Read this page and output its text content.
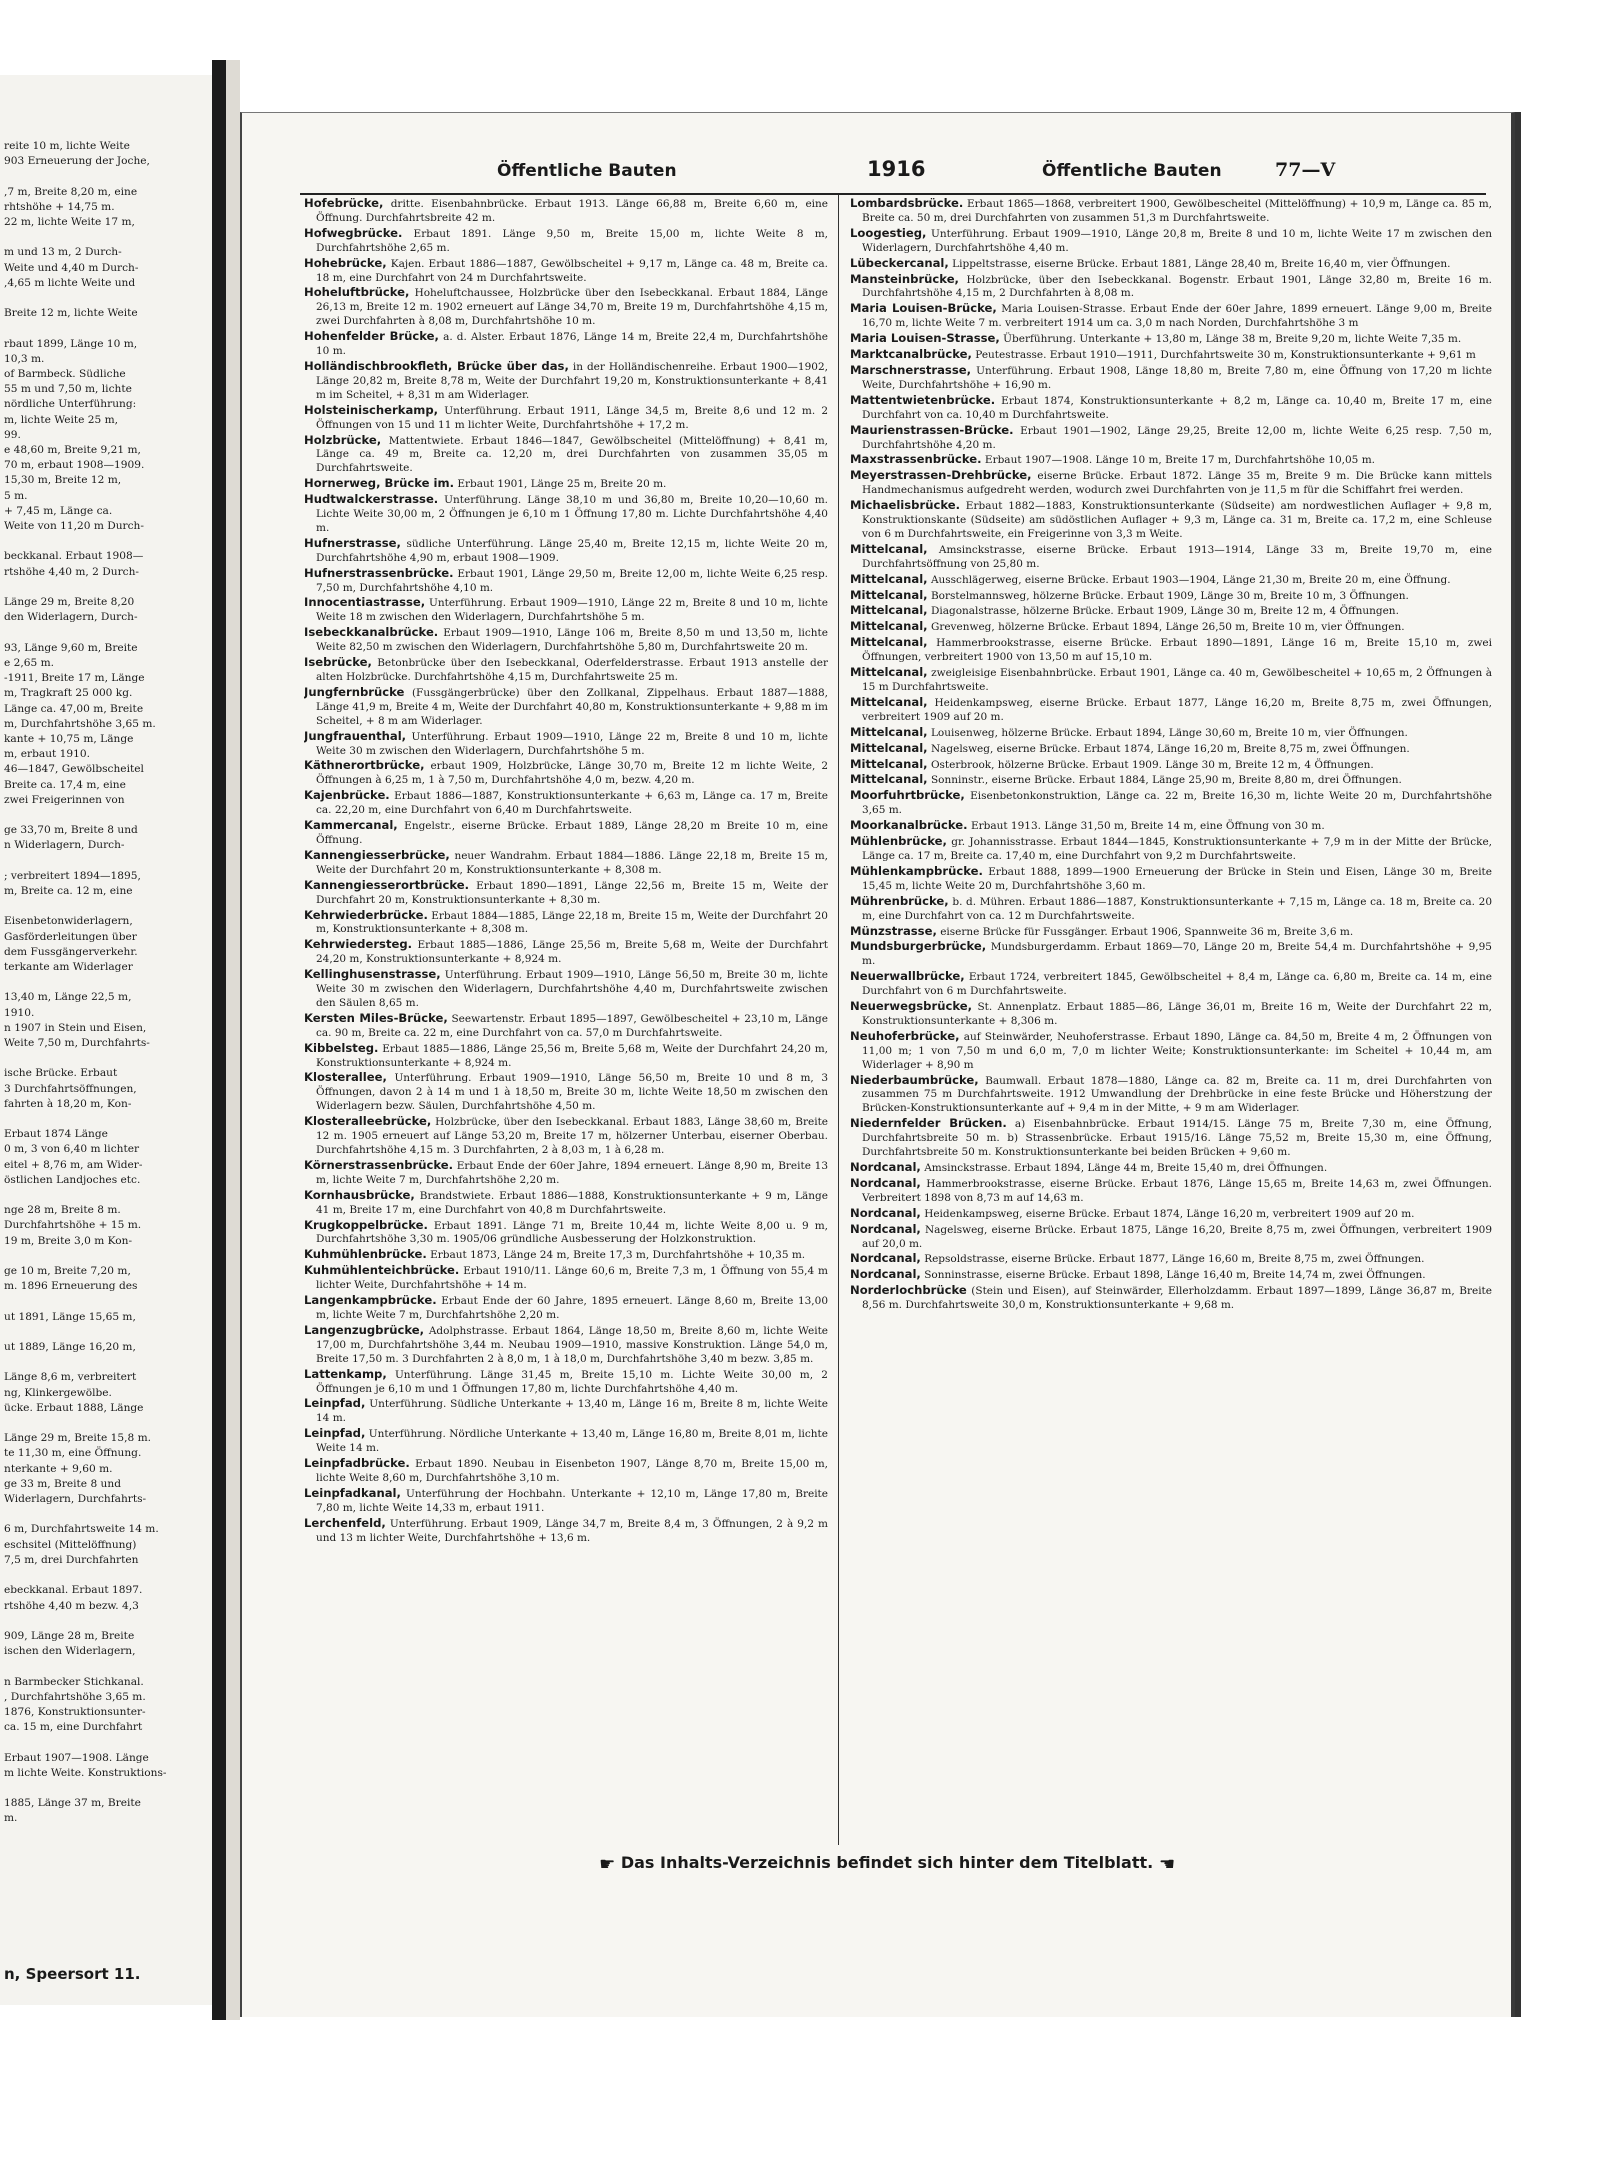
reite 10 m, lichte Weite
903 Erneuerung der Joche,

,7 m, Breite 8,20 m, eine
rhtshöhe + 14,75 m.
22 m, lichte Weite 17 m,

m und 13 m, 2 Durch-
Weite und 4,40 m Durch-
,4,65 m lichte Weite und

Breite 12 m, lichte Weite

rbaut 1899, Länge 10 m,
10,3 m.
of Barmbeck. Südliche
55 m und 7,50 m, lichte
nördliche Unterführung:
m, lichte Weite 25 m,
99.
e 48,60 m, Breite 9,21 m,
70 m, erbaut 1908—1909.
15,30 m, Breite 12 m,
5 m.
+ 7,45 m, Länge ca.
Weite von 11,20 m Durch-

beckkanal. Erbaut 1908—
rtshöhe 4,40 m, 2 Durch-

Länge 29 m, Breite 8,20
den Widerlagern, Durch-

93, Länge 9,60 m, Breite
e 2,65 m.
-1911, Breite 17 m, Länge
m, Tragkraft 25 000 kg.
Länge ca. 47,00 m, Breite
m, Durchfahrtshöhe 3,65 m.
kante + 10,75 m, Länge
m, erbaut 1910.
46—1847, Gewölbscheitel
Breite ca. 17,4 m, eine
zwei Freigerinnen von

ge 33,70 m, Breite 8 und
n Widerlagern, Durch-

; verbreitert 1894—1895,
m, Breite ca. 12 m, eine

Eisenbetonwiderlagern,
Gasförderleitungen über
dem Fussgängerverkehr.
terkante am Widerlager

13,40 m, Länge 22,5 m,
1910.
n 1907 in Stein und Eisen,
Weite 7,50 m, Durchfahrts-

ische Brücke. Erbaut
3 Durchfahrtsöffnungen,
fahrten à 18,20 m, Kon-

Erbaut 1874 Länge
0 m, 3 von 6,40 m lichter
eitel + 8,76 m, am Wider-
östlichen Landjoches etc.

nge 28 m, Breite 8 m.
Durchfahrtshöhe + 15 m.
19 m, Breite 3,0 m Kon-

ge 10 m, Breite 7,20 m,
m. 1896 Erneuerung des

ut 1891, Länge 15,65 m,

ut 1889, Länge 16,20 m,

Länge 8,6 m, verbreitert
ng, Klinkergewölbe.
ücke. Erbaut 1888, Länge

Länge 29 m, Breite 15,8 m.
te 11,30 m, eine Öffnung.
nterkante + 9,60 m.
ge 33 m, Breite 8 und
Widerlagern, Durchfahrts-

6 m, Durchfahrtsweite 14 m.
eschsitel (Mittelöffnung)
7,5 m, drei Durchfahrten

ebeckkanal. Erbaut 1897.
rtshöhe 4,40 m bezw. 4,3

909, Länge 28 m, Breite
ischen den Widerlagern,

n Barmbecker Stichkanal.
, Durchfahrtshöhe 3,65 m.
1876, Konstruktionsunter-
ca. 15 m, eine Durchfahrt

Erbaut 1907—1908. Länge
m lichte Weite. Konstruktions-

1885, Länge 37 m, Breite
m.
n, Speersort 11.
Öffentliche Bauten	1916	Öffentliche Bauten	77—V
Hofebrücke, dritte. Eisenbahnbrücke. Erbaut 1913. Länge 66,88 m, Breite 6,60 m, eine Öffnung. Durchfahrtsbreite 42 m.
Hofwegbrücke. Erbaut 1891. Länge 9,50 m, Breite 15,00 m, lichte Weite 8 m, Durchfahrtshöhe 2,65 m.
Hohebrücke, Kajen. Erbaut 1886—1887, Gewölbscheitel + 9,17 m, Länge ca. 48 m, Breite ca. 18 m, eine Durchfahrt von 24 m Durchfahrtsweite.
Hoheluftbrücke, Hoheluftchaussee, Holzbrücke über den Isebeckkanal. Erbaut 1884, Länge 26,13 m, Breite 12 m. 1902 erneuert auf Länge 34,70 m, Breite 19 m, Durchfahrtshöhe 4,15 m, zwei Durchfahrten à 8,08 m, Durchfahrtshöhe 10 m.
Hohenfelder Brücke, a. d. Alster. Erbaut 1876, Länge 14 m, Breite 22,4 m, Durchfahrtshöhe 10 m.
Holländischbrookfleth, Brücke über das, in der Holländischenreihe. Erbaut 1900—1902, Länge 20,82 m, Breite 8,78 m, Weite der Durchfahrt 19,20 m, Konstruktionsunterkante + 8,41 m im Scheitel, + 8,31 m am Widerlager.
Holsteinischerkamp, Unterführung. Erbaut 1911, Länge 34,5 m, Breite 8,6 und 12 m. 2 Öffnungen von 15 und 11 m lichter Weite, Durchfahrtshöhe + 17,2 m.
Holzbrücke, Mattentwiete. Erbaut 1846—1847, Gewölbscheitel (Mittelöffnung) + 8,41 m, Länge ca. 49 m, Breite ca. 12,20 m, drei Durchfahrten von zusammen 35,05 m Durchfahrtsweite.
Hornerweg, Brücke im. Erbaut 1901, Länge 25 m, Breite 20 m.
Hudtwalckerstrasse. Unterführung. Länge 38,10 m und 36,80 m, Breite 10,20—10,60 m. Lichte Weite 30,00 m, 2 Öffnungen je 6,10 m 1 Öffnung 17,80 m. Lichte Durchfahrtshöhe 4,40 m.
Hufnerstrasse, südliche Unterführung. Länge 25,40 m, Breite 12,15 m, lichte Weite 20 m, Durchfahrtshöhe 4,90 m, erbaut 1908—1909.
Hufnerstrassenbrücke. Erbaut 1901, Länge 29,50 m, Breite 12,00 m, lichte Weite 6,25 resp. 7,50 m, Durchfahrtshöhe 4,10 m.
Innocentiastrasse, Unterführung. Erbaut 1909—1910, Länge 22 m, Breite 8 und 10 m, lichte Weite 18 m zwischen den Widerlagern, Durchfahrtshöhe 5 m.
Isebeckkanalbrücke. Erbaut 1909—1910, Länge 106 m, Breite 8,50 m und 13,50 m, lichte Weite 82,50 m zwischen den Widerlagern, Durchfahrtshöhe 5,80 m, Durchfahrtsweite 20 m.
Isebrücke, Betonbrücke über den Isebeckkanal, Oderfelderstrasse. Erbaut 1913 anstelle der alten Holzbrücke. Durchfahrtshöhe 4,15 m, Durchfahrtsweite 25 m.
Jungfernbrücke (Fussgängerbrücke) über den Zollkanal, Zippelhaus. Erbaut 1887—1888, Länge 41,9 m, Breite 4 m, Weite der Durchfahrt 40,80 m, Konstruktionsunterkante + 9,88 m im Scheitel, + 8 m am Widerlager.
Jungfrauenthal, Unterführung. Erbaut 1909—1910, Länge 22 m, Breite 8 und 10 m, lichte Weite 30 m zwischen den Widerlagern, Durchfahrtshöhe 5 m.
Käthnerortbrücke, erbaut 1909, Holzbrücke, Länge 30,70 m, Breite 12 m lichte Weite, 2 Öffnungen à 6,25 m, 1 à 7,50 m, Durchfahrtshöhe 4,0 m, bezw. 4,20 m.
Kajenbrücke. Erbaut 1886—1887, Konstruktionsunterkante + 6,63 m, Länge ca. 17 m, Breite ca. 22,20 m, eine Durchfahrt von 6,40 m Durchfahrtsweite.
Kammercanal, Engelstr., eiserne Brücke. Erbaut 1889, Länge 28,20 m Breite 10 m, eine Öffnung.
Kannengiesserbrücke, neuer Wandrahm. Erbaut 1884—1886. Länge 22,18 m, Breite 15 m, Weite der Durchfahrt 20 m, Konstruktionsunterkante + 8,308 m.
Kannengiesserortbrücke. Erbaut 1890—1891, Länge 22,56 m, Breite 15 m, Weite der Durchfahrt 20 m, Konstruktionsunterkante + 8,30 m.
Kehrwiederbrücke. Erbaut 1884—1885, Länge 22,18 m, Breite 15 m, Weite der Durchfahrt 20 m, Konstruktionsunterkante + 8,308 m.
Kehrwiedersteg. Erbaut 1885—1886, Länge 25,56 m, Breite 5,68 m, Weite der Durchfahrt 24,20 m, Konstruktionsunterkante + 8,924 m.
Kellinghusenstrasse, Unterführung. Erbaut 1909—1910, Länge 56,50 m, Breite 30 m, lichte Weite 30 m zwischen den Widerlagern, Durchfahrtshöhe 4,40 m, Durchfahrtsweite zwischen den Säulen 8,65 m.
Kersten Miles-Brücke, Seewartenstr. Erbaut 1895—1897, Gewölbescheitel + 23,10 m, Länge ca. 90 m, Breite ca. 22 m, eine Durchfahrt von ca. 57,0 m Durchfahrtsweite.
Kibbelsteg. Erbaut 1885—1886, Länge 25,56 m, Breite 5,68 m, Weite der Durchfahrt 24,20 m, Konstruktionsunterkante + 8,924 m.
Klosterallee, Unterführung. Erbaut 1909—1910, Länge 56,50 m, Breite 10 und 8 m, 3 Öffnungen, davon 2 à 14 m und 1 à 18,50 m, Breite 30 m, lichte Weite 18,50 m zwischen den Widerlagern bezw. Säulen, Durchfahrtshöhe 4,50 m.
Klosteralleebrücke, Holzbrücke, über den Isebeckkanal. Erbaut 1883, Länge 38,60 m, Breite 12 m. 1905 erneuert auf Länge 53,20 m, Breite 17 m, hölzerner Unterbau, eiserner Oberbau. Durchfahrtshöhe 4,15 m. 3 Durchfahrten, 2 à 8,03 m, 1 à 6,28 m.
Körnerstrassenbrücke. Erbaut Ende der 60er Jahre, 1894 erneuert. Länge 8,90 m, Breite 13 m, lichte Weite 7 m, Durchfahrtshöhe 2,20 m.
Kornhausbrücke, Brandstwiete. Erbaut 1886—1888, Konstruktionsunterkante + 9 m, Länge 41 m, Breite 17 m, eine Durchfahrt von 40,8 m Durchfahrtsweite.
Krugkoppelbrücke. Erbaut 1891. Länge 71 m, Breite 10,44 m, lichte Weite 8,00 u. 9 m, Durchfahrtshöhe 3,30 m. 1905/06 gründliche Ausbesserung der Holzkonstruktion.
Kuhmühlenbrücke. Erbaut 1873, Länge 24 m, Breite 17,3 m, Durchfahrtshöhe + 10,35 m.
Kuhmühlenteichbrücke. Erbaut 1910/11. Länge 60,6 m, Breite 7,3 m, 1 Öffnung von 55,4 m lichter Weite, Durchfahrtshöhe + 14 m.
Langenkampbrücke. Erbaut Ende der 60 Jahre, 1895 erneuert. Länge 8,60 m, Breite 13,00 m, lichte Weite 7 m, Durchfahrtshöhe 2,20 m.
Langenzugbrücke, Adolphstrasse. Erbaut 1864, Länge 18,50 m, Breite 8,60 m, lichte Weite 17,00 m, Durchfahrtshöhe 3,44 m. Neubau 1909—1910, massive Konstruktion. Länge 54,0 m, Breite 17,50 m. 3 Durchfahrten 2 à 8,0 m, 1 à 18,0 m, Durchfahrtshöhe 3,40 m bezw. 3,85 m.
Lattenkamp, Unterführung. Länge 31,45 m, Breite 15,10 m. Lichte Weite 30,00 m, 2 Öffnungen je 6,10 m und 1 Öffnungen 17,80 m, lichte Durchfahrtshöhe 4,40 m.
Leinpfad, Unterführung. Südliche Unterkante + 13,40 m, Länge 16 m, Breite 8 m, lichte Weite 14 m.
Leinpfad, Unterführung. Nördliche Unterkante + 13,40 m, Länge 16,80 m, Breite 8,01 m, lichte Weite 14 m.
Leinpfadbrücke. Erbaut 1890. Neubau in Eisenbeton 1907, Länge 8,70 m, Breite 15,00 m, lichte Weite 8,60 m, Durchfahrtshöhe 3,10 m.
Leinpfadkanal, Unterführung der Hochbahn. Unterkante + 12,10 m, Länge 17,80 m, Breite 7,80 m, lichte Weite 14,33 m, erbaut 1911.
Lerchenfeld, Unterführung. Erbaut 1909, Länge 34,7 m, Breite 8,4 m, 3 Öffnungen, 2 à 9,2 m und 13 m lichter Weite, Durchfahrtshöhe + 13,6 m.
Lombardsbrücke. Erbaut 1865—1868, verbreitert 1900, Gewölbescheitel (Mittelöffnung) + 10,9 m, Länge ca. 85 m, Breite ca. 50 m, drei Durchfahrten von zusammen 51,3 m Durchfahrtsweite.
Loogestieg, Unterführung. Erbaut 1909—1910, Länge 20,8 m, Breite 8 und 10 m, lichte Weite 17 m zwischen den Widerlagern, Durchfahrtshöhe 4,40 m.
Lübeckercanal, Lippeltstrasse, eiserne Brücke. Erbaut 1881, Länge 28,40 m, Breite 16,40 m, vier Öffnungen.
Mansteinbrücke, Holzbrücke, über den Isebeckkanal. Bogenstr. Erbaut 1901, Länge 32,80 m, Breite 16 m. Durchfahrtshöhe 4,15 m, 2 Durchfahrten à 8,08 m.
Maria Louisen-Brücke, Maria Louisen-Strasse. Erbaut Ende der 60er Jahre, 1899 erneuert. Länge 9,00 m, Breite 16,70 m, lichte Weite 7 m. verbreitert 1914 um ca. 3,0 m nach Norden, Durchfahrtshöhe 3 m
Maria Louisen-Strasse, Überführung. Unterkante + 13,80 m, Länge 38 m, Breite 9,20 m, lichte Weite 7,35 m.
Marktcanalbrücke, Peutestrasse. Erbaut 1910—1911, Durchfahrtsweite 30 m, Konstruktionsunterkante + 9,61 m
Marschnerstrasse, Unterführung. Erbaut 1908, Länge 18,80 m, Breite 7,80 m, eine Öffnung von 17,20 m lichte Weite, Durchfahrtshöhe + 16,90 m.
Mattentwietenbrücke. Erbaut 1874, Konstruktionsunterkante + 8,2 m, Länge ca. 10,40 m, Breite 17 m, eine Durchfahrt von ca. 10,40 m Durchfahrtsweite.
Maurienstrassen-Brücke. Erbaut 1901—1902, Länge 29,25, Breite 12,00 m, lichte Weite 6,25 resp. 7,50 m, Durchfahrtshöhe 4,20 m.
Maxstrassenbrücke. Erbaut 1907—1908. Länge 10 m, Breite 17 m, Durchfahrtshöhe 10,05 m.
Meyerstrassen-Drehbrücke, eiserne Brücke. Erbaut 1872. Länge 35 m, Breite 9 m. Die Brücke kann mittels Handmechanismus aufgedreht werden, wodurch zwei Durchfahrten von je 11,5 m für die Schiffahrt frei werden.
Michaelisbrücke. Erbaut 1882—1883, Konstruktionsunterkante (Südseite) am nordwestlichen Auflager + 9,8 m, Konstruktionskante (Südseite) am südöstlichen Auflager + 9,3 m, Länge ca. 31 m, Breite ca. 17,2 m, eine Schleuse von 6 m Durchfahrtsweite, ein Freigerinne von 3,3 m Weite.
Mittelcanal, Amsinckstrasse, eiserne Brücke. Erbaut 1913—1914, Länge 33 m, Breite 19,70 m, eine Durchfahrtsöffnung von 25,80 m.
Mittelcanal, Ausschlägerweg, eiserne Brücke. Erbaut 1903—1904, Länge 21,30 m, Breite 20 m, eine Öffnung.
Mittelcanal, Borstelmannsweg, hölzerne Brücke. Erbaut 1909, Länge 30 m, Breite 10 m, 3 Öffnungen.
Mittelcanal, Diagonalstrasse, hölzerne Brücke. Erbaut 1909, Länge 30 m, Breite 12 m, 4 Öffnungen.
Mittelcanal, Grevenweg, hölzerne Brücke. Erbaut 1894, Länge 26,50 m, Breite 10 m, vier Öffnungen.
Mittelcanal, Hammerbrookstrasse, eiserne Brücke. Erbaut 1890—1891, Länge 16 m, Breite 15,10 m, zwei Öffnungen, verbreitert 1900 von 13,50 m auf 15,10 m.
Mittelcanal, zweigleisige Eisenbahnbrücke. Erbaut 1901, Länge ca. 40 m, Gewölbescheitel + 10,65 m, 2 Öffnungen à 15 m Durchfahrtsweite.
Mittelcanal, Heidenkampsweg, eiserne Brücke. Erbaut 1877, Länge 16,20 m, Breite 8,75 m, zwei Öffnungen, verbreitert 1909 auf 20 m.
Mittelcanal, Louisenweg, hölzerne Brücke. Erbaut 1894, Länge 30,60 m, Breite 10 m, vier Öffnungen.
Mittelcanal, Nagelsweg, eiserne Brücke. Erbaut 1874, Länge 16,20 m, Breite 8,75 m, zwei Öffnungen.
Mittelcanal, Osterbrook, hölzerne Brücke. Erbaut 1909. Länge 30 m, Breite 12 m, 4 Öffnungen.
Mittelcanal, Sonninstr., eiserne Brücke. Erbaut 1884, Länge 25,90 m, Breite 8,80 m, drei Öffnungen.
Moorfuhrtbrücke, Eisenbetonkonstruktion, Länge ca. 22 m, Breite 16,30 m, lichte Weite 20 m, Durchfahrtshöhe 3,65 m.
Moorkanalbrücke. Erbaut 1913. Länge 31,50 m, Breite 14 m, eine Öffnung von 30 m.
Mühlenbrücke, gr. Johannisstrasse. Erbaut 1844—1845, Konstruktionsunterkante + 7,9 m in der Mitte der Brücke, Länge ca. 17 m, Breite ca. 17,40 m, eine Durchfahrt von 9,2 m Durchfahrtsweite.
Mühlenkampbrücke. Erbaut 1888, 1899—1900 Erneuerung der Brücke in Stein und Eisen, Länge 30 m, Breite 15,45 m, lichte Weite 20 m, Durchfahrtshöhe 3,60 m.
Mührenbrücke, b. d. Mühren. Erbaut 1886—1887, Konstruktionsunterkante + 7,15 m, Länge ca. 18 m, Breite ca. 20 m, eine Durchfahrt von ca. 12 m Durchfahrtsweite.
Münzstrasse, eiserne Brücke für Fussgänger. Erbaut 1906, Spannweite 36 m, Breite 3,6 m.
Mundsburgerbrücke, Mundsburgerdamm. Erbaut 1869—70, Länge 20 m, Breite 54,4 m. Durchfahrtshöhe + 9,95 m.
Neuerwallbrücke, Erbaut 1724, verbreitert 1845, Gewölbscheitel + 8,4 m, Länge ca. 6,80 m, Breite ca. 14 m, eine Durchfahrt von 6 m Durchfahrtsweite.
Neuerwegsbrücke, St. Annenplatz. Erbaut 1885—86, Länge 36,01 m, Breite 16 m, Weite der Durchfahrt 22 m, Konstruktionsunterkante + 8,306 m.
Neuhoferbrücke, auf Steinwärder, Neuhoferstrasse. Erbaut 1890, Länge ca. 84,50 m, Breite 4 m, 2 Öffnungen von 11,00 m; 1 von 7,50 m und 6,0 m, 7,0 m lichter Weite; Konstruktionsunterkante: im Scheitel + 10,44 m, am Widerlager + 8,90 m
Niederbaumbrücke, Baumwall. Erbaut 1878—1880, Länge ca. 82 m, Breite ca. 11 m, drei Durchfahrten von zusammen 75 m Durchfahrtsweite. 1912 Umwandlung der Drehbrücke in eine feste Brücke und Höherstzung der Brücken-Konstruktionsunterkante auf + 9,4 m in der Mitte, + 9 m am Widerlager.
Niedernfelder Brücken. a) Eisenbahnbrücke. Erbaut 1914/15. Länge 75 m, Breite 7,30 m, eine Öffnung, Durchfahrtsbreite 50 m. b) Strassenbrücke. Erbaut 1915/16. Länge 75,52 m, Breite 15,30 m, eine Öffnung, Durchfahrtsbreite 50 m. Konstruktionsunterkante bei beiden Brücken + 9,60 m.
Nordcanal, Amsinckstrasse. Erbaut 1894, Länge 44 m, Breite 15,40 m, drei Öffnungen.
Nordcanal, Hammerbrookstrasse, eiserne Brücke. Erbaut 1876, Länge 15,65 m, Breite 14,63 m, zwei Öffnungen. Verbreitert 1898 von 8,73 m auf 14,63 m.
Nordcanal, Heidenkampsweg, eiserne Brücke. Erbaut 1874, Länge 16,20 m, verbreitert 1909 auf 20 m.
Nordcanal, Nagelsweg, eiserne Brücke. Erbaut 1875, Länge 16,20, Breite 8,75 m, zwei Öffnungen, verbreitert 1909 auf 20,0 m.
Nordcanal, Repsoldstrasse, eiserne Brücke. Erbaut 1877, Länge 16,60 m, Breite 8,75 m, zwei Öffnungen.
Nordcanal, Sonninstrasse, eiserne Brücke. Erbaut 1898, Länge 16,40 m, Breite 14,74 m, zwei Öffnungen.
Norderlochbrücke (Stein und Eisen), auf Steinwärder, Ellerholzdamm. Erbaut 1897—1899, Länge 36,87 m, Breite 8,56 m. Durchfahrtsweite 30,0 m, Konstruktionsunterkante + 9,68 m.
☛ Das Inhalts-Verzeichnis befindet sich hinter dem Titelblatt. ☛
